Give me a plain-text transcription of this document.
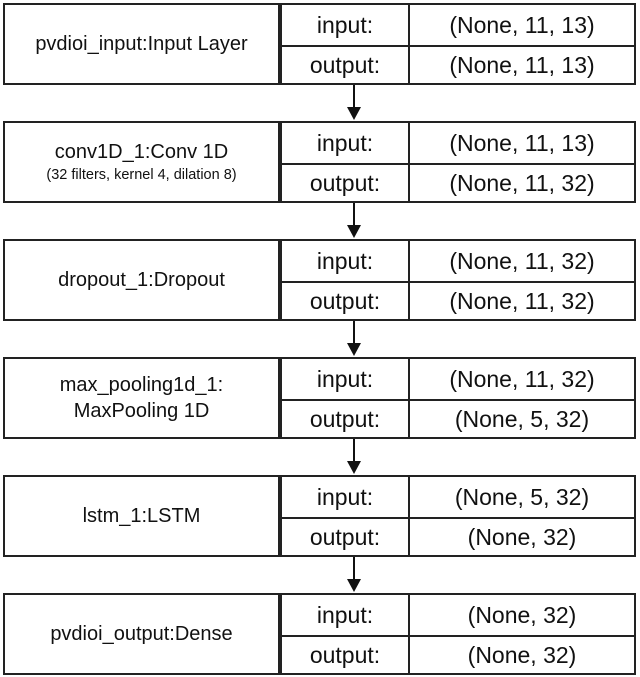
pvdioi_input:Input Layer
input:	(None, 11, 13)
output:	(None, 11, 13)
conv1D_1:Conv 1D
(32 filters, kernel 4, dilation 8)
input:	(None, 11, 13)
output:	(None, 11, 32)
dropout_1:Dropout
input:	(None, 11, 32)
output:	(None, 11, 32)
max_pooling1d_1:
MaxPooling 1D
input:	(None, 11, 32)
output:	(None, 5, 32)
lstm_1:LSTM
input:	(None, 5, 32)
output:	(None, 32)
pvdioi_output:Dense
input:	(None, 32)
output:	(None, 32)
